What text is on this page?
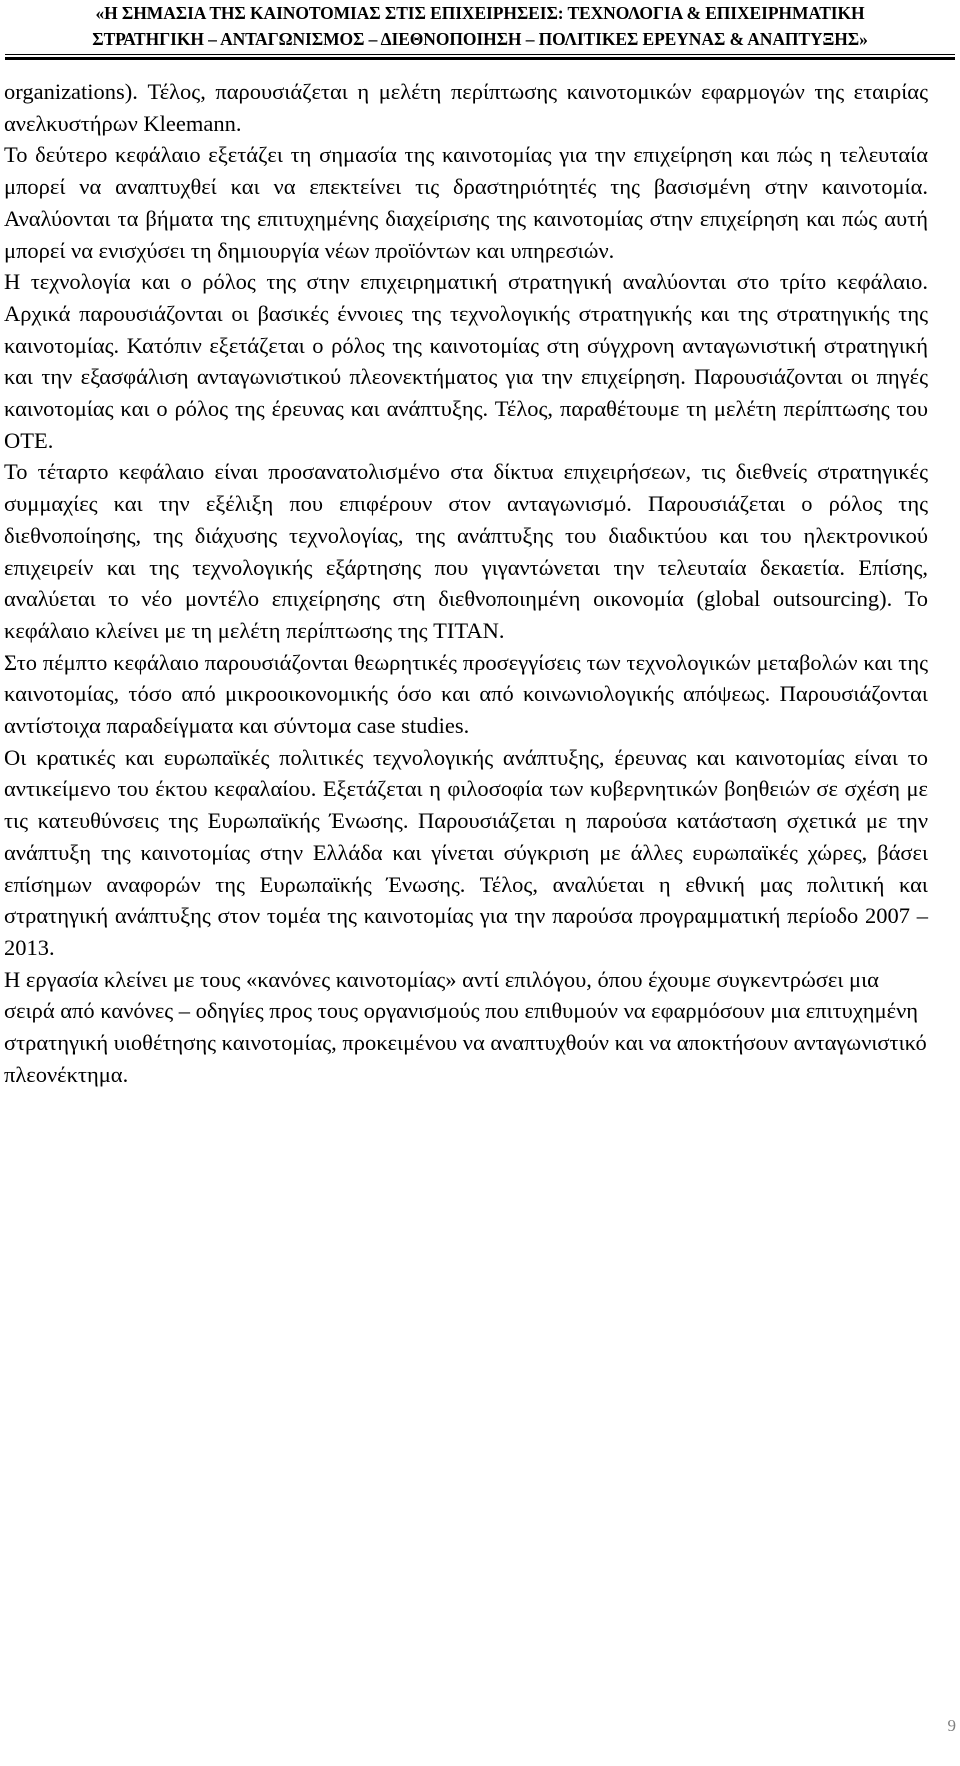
«Η ΣΗΜΑΣΙΑ ΤΗΣ ΚΑΙΝΟΤΟΜΙΑΣ ΣΤΙΣ ΕΠΙΧΕΙΡΗΣΕΙΣ: ΤΕΧΝΟΛΟΓΙΑ & ΕΠΙΧΕΙΡΗΜΑΤΙΚΗ
ΣΤΡΑΤΗΓΙΚΗ – ΑΝΤΑΓΩΝΙΣΜΟΣ – ΔΙΕΘΝΟΠΟΙΗΣΗ – ΠΟΛΙΤΙΚΕΣ ΕΡΕΥΝΑΣ & ΑΝΑΠΤΥΞΗΣ»

organizations). Τέλος, παρουσιάζεται η μελέτη περίπτωσης καινοτομικών εφαρμογών της εταιρίας ανελκυστήρων Kleemann.

Το δεύτερο κεφάλαιο εξετάζει τη σημασία της καινοτομίας για την επιχείρηση και πώς η τελευταία μπορεί να αναπτυχθεί και να επεκτείνει τις δραστηριότητές της βασισμένη στην καινοτομία. Αναλύονται τα βήματα της επιτυχημένης διαχείρισης της καινοτομίας στην επιχείρηση και πώς αυτή μπορεί να ενισχύσει τη δημιουργία νέων προϊόντων και υπηρεσιών.

Η τεχνολογία και ο ρόλος της στην επιχειρηματική στρατηγική αναλύονται στο τρίτο κεφάλαιο. Αρχικά παρουσιάζονται οι βασικές έννοιες της τεχνολογικής στρατηγικής και της στρατηγικής της καινοτομίας. Κατόπιν εξετάζεται ο ρόλος της καινοτομίας στη σύγχρονη ανταγωνιστική στρατηγική και την εξασφάλιση ανταγωνιστικού πλεονεκτήματος για την επιχείρηση. Παρουσιάζονται οι πηγές καινοτομίας και ο ρόλος της έρευνας και ανάπτυξης. Τέλος, παραθέτουμε τη μελέτη περίπτωσης του ΟΤΕ.

Το τέταρτο κεφάλαιο είναι προσανατολισμένο στα δίκτυα επιχειρήσεων, τις διεθνείς στρατηγικές συμμαχίες και την εξέλιξη που επιφέρουν στον ανταγωνισμό. Παρουσιάζεται ο ρόλος της διεθνοποίησης, της διάχυσης τεχνολογίας, της ανάπτυξης του διαδικτύου και του ηλεκτρονικού επιχειρείν και της τεχνολογικής εξάρτησης που γιγαντώνεται την τελευταία δεκαετία. Επίσης, αναλύεται το νέο μοντέλο επιχείρησης στη διεθνοποιημένη οικονομία (global outsourcing). Το κεφάλαιο κλείνει με τη μελέτη περίπτωσης της TITAN.

Στο πέμπτο κεφάλαιο παρουσιάζονται θεωρητικές προσεγγίσεις των τεχνολογικών μεταβολών και της καινοτομίας, τόσο από μικροοικονομικής όσο και από κοινωνιολογικής απόψεως. Παρουσιάζονται αντίστοιχα παραδείγματα και σύντομα case studies.

Οι κρατικές και ευρωπαϊκές πολιτικές τεχνολογικής ανάπτυξης, έρευνας και καινοτομίας είναι το αντικείμενο του έκτου κεφαλαίου. Εξετάζεται η φιλοσοφία των κυβερνητικών βοηθειών σε σχέση με τις κατευθύνσεις της Ευρωπαϊκής Ένωσης. Παρουσιάζεται η παρούσα κατάσταση σχετικά με την ανάπτυξη της καινοτομίας στην Ελλάδα και γίνεται σύγκριση με άλλες ευρωπαϊκές χώρες, βάσει επίσημων αναφορών της Ευρωπαϊκής Ένωσης. Τέλος, αναλύεται η εθνική μας πολιτική και στρατηγική ανάπτυξης στον τομέα της καινοτομίας για την παρούσα προγραμματική περίοδο 2007 – 2013.

Η εργασία κλείνει με τους «κανόνες καινοτομίας» αντί επιλόγου, όπου έχουμε συγκεντρώσει μια σειρά από κανόνες – οδηγίες προς τους οργανισμούς που επιθυμούν να εφαρμόσουν μια επιτυχημένη στρατηγική υιοθέτησης καινοτομίας, προκειμένου να αναπτυχθούν και να αποκτήσουν ανταγωνιστικό πλεονέκτημα.

9
